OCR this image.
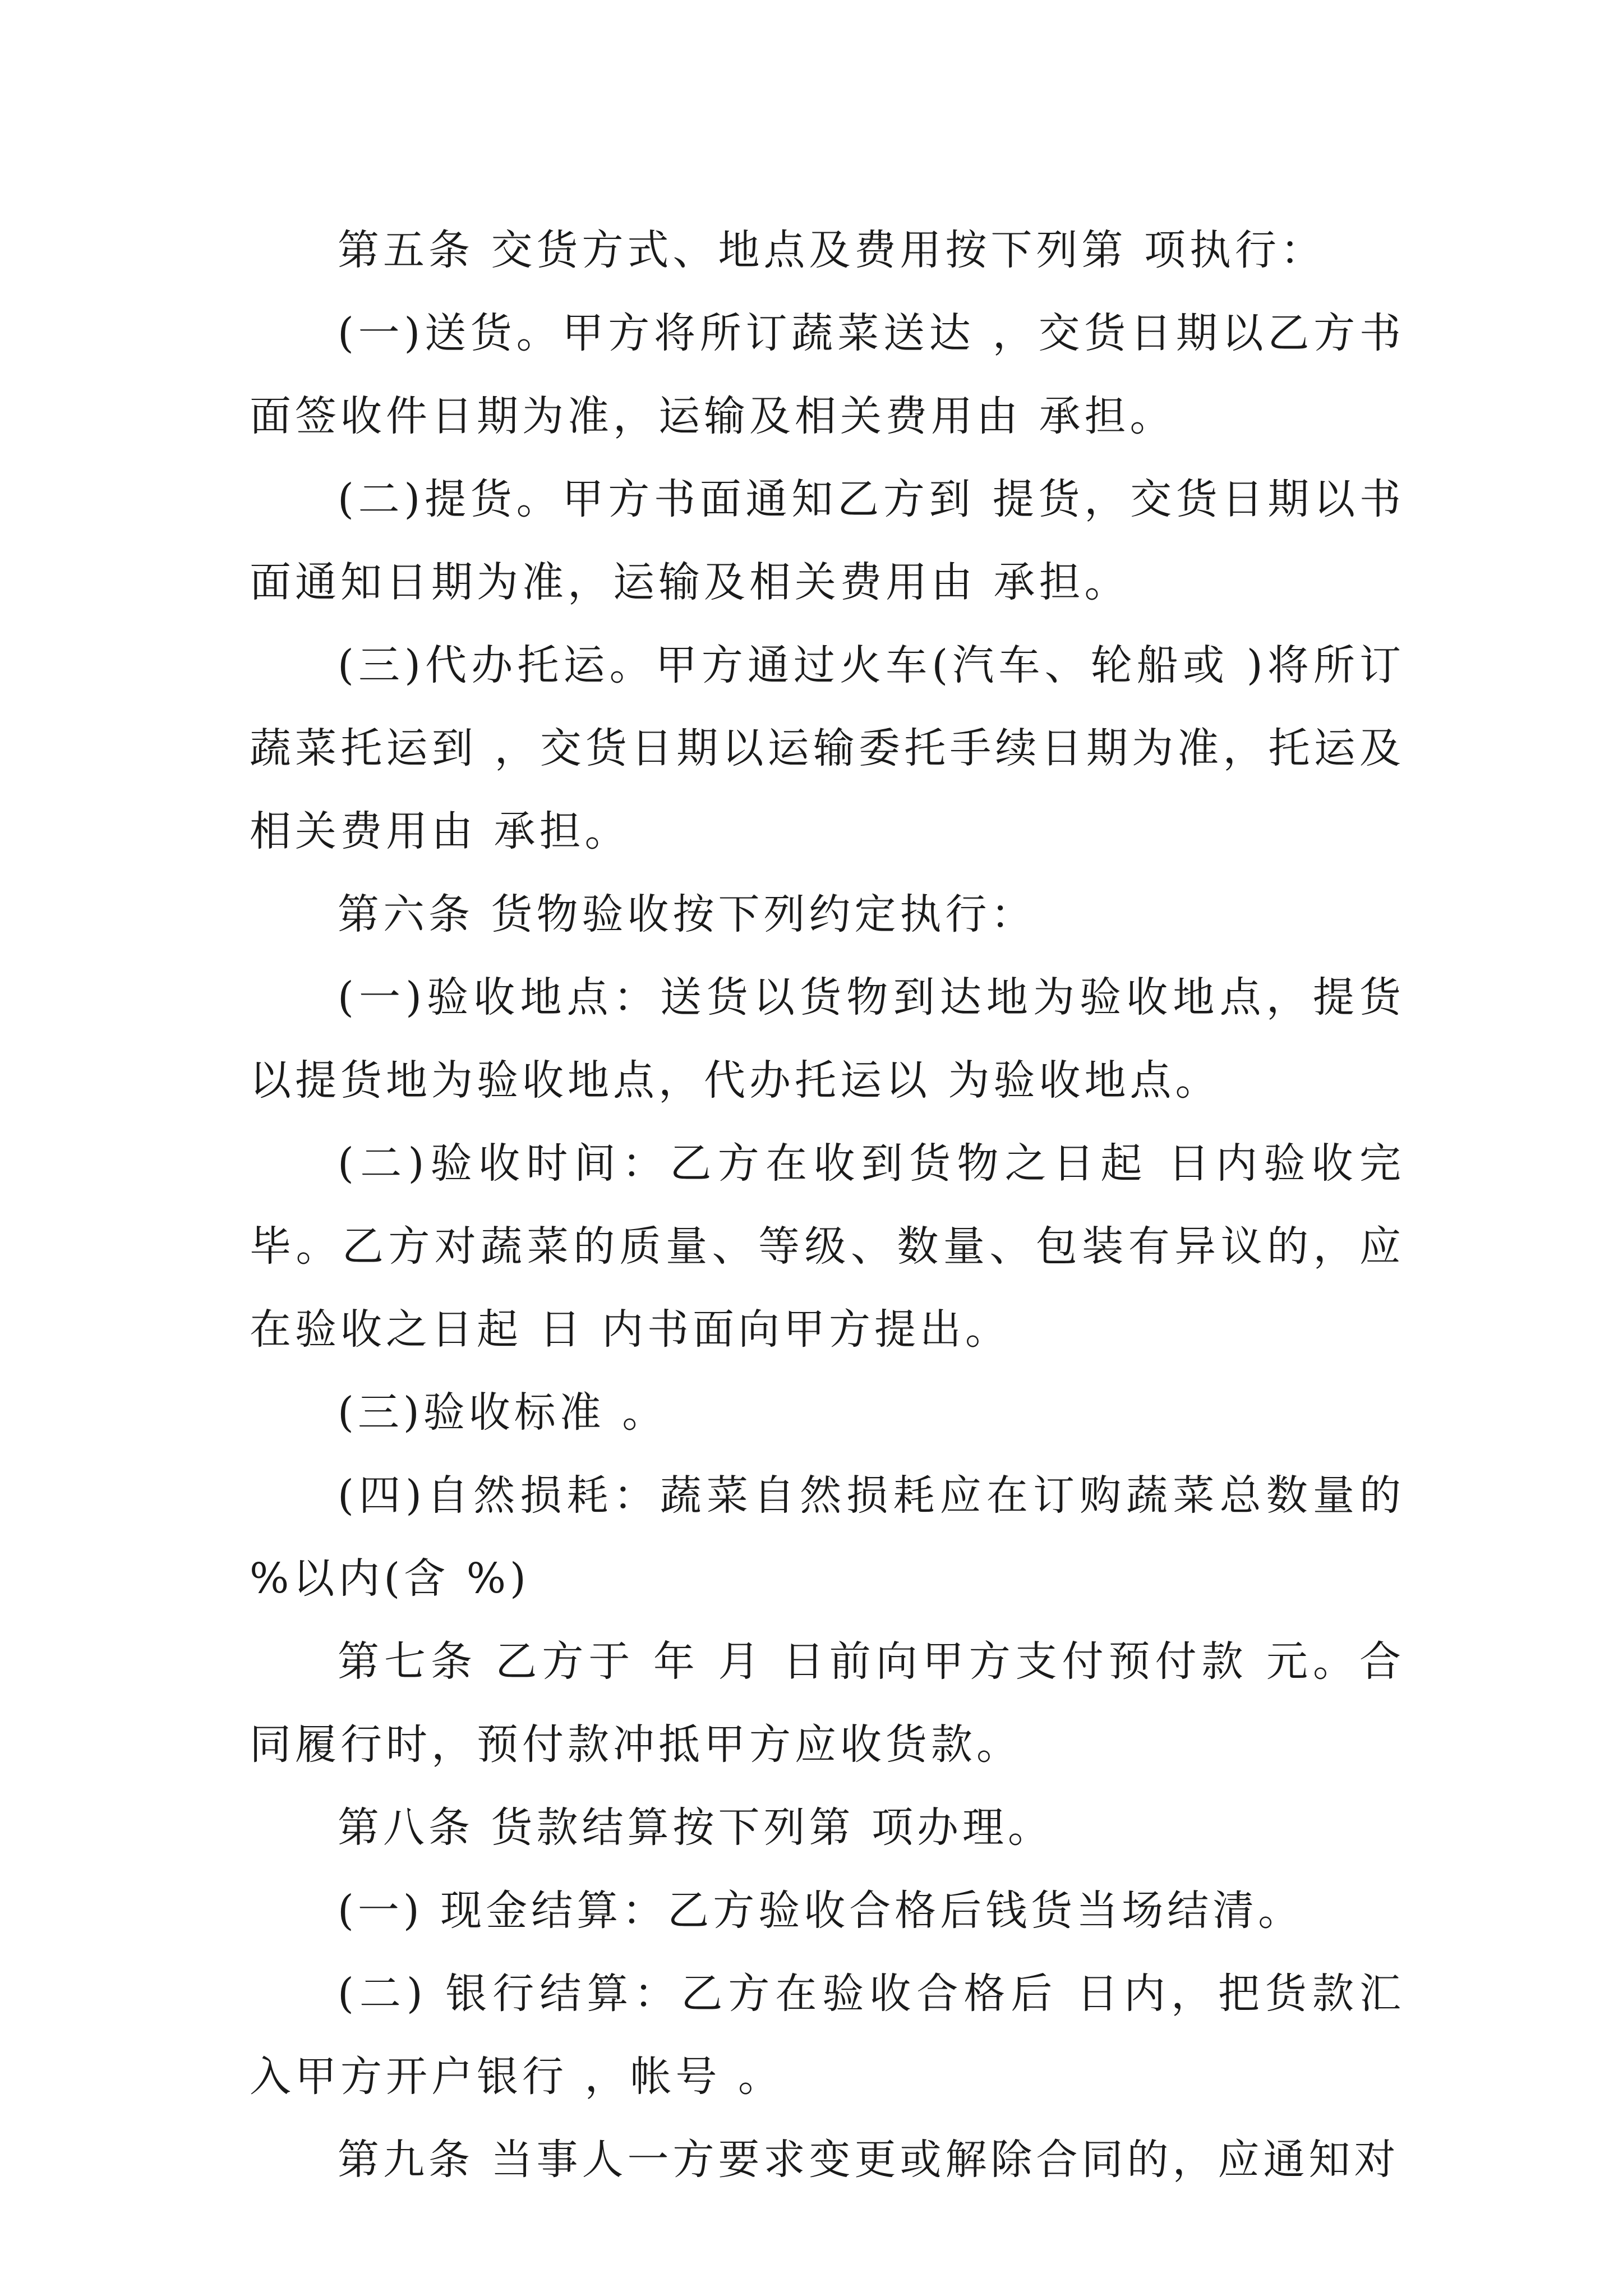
第五条 交货方式、地点及费用按下列第 项执行：

(一)送货。甲方将所订蔬菜送达 ，交货日期以乙方书面签收件日期为准，运输及相关费用由 承担。

(二)提货。甲方书面通知乙方到 提货，交货日期以书面通知日期为准，运输及相关费用由 承担。

(三)代办托运。甲方通过火车(汽车、轮船或 )将所订蔬菜托运到 ，交货日期以运输委托手续日期为准，托运及相关费用由 承担。

第六条 货物验收按下列约定执行：

(一)验收地点：送货以货物到达地为验收地点，提货以提货地为验收地点，代办托运以 为验收地点。

(二)验收时间：乙方在收到货物之日起 日内验收完毕。乙方对蔬菜的质量、等级、数量、包装有异议的，应在验收之日起 日 内书面向甲方提出。

(三)验收标准 。

(四)自然损耗：蔬菜自然损耗应在订购蔬菜总数量的 %以内(含 %)

第七条 乙方于 年 月 日前向甲方支付预付款 元。合同履行时，预付款冲抵甲方应收货款。

第八条 货款结算按下列第 项办理。

(一) 现金结算：乙方验收合格后钱货当场结清。

(二) 银行结算：乙方在验收合格后 日内，把货款汇入甲方开户银行 ，帐号 。

第九条 当事人一方要求变更或解除合同的，应通知对
